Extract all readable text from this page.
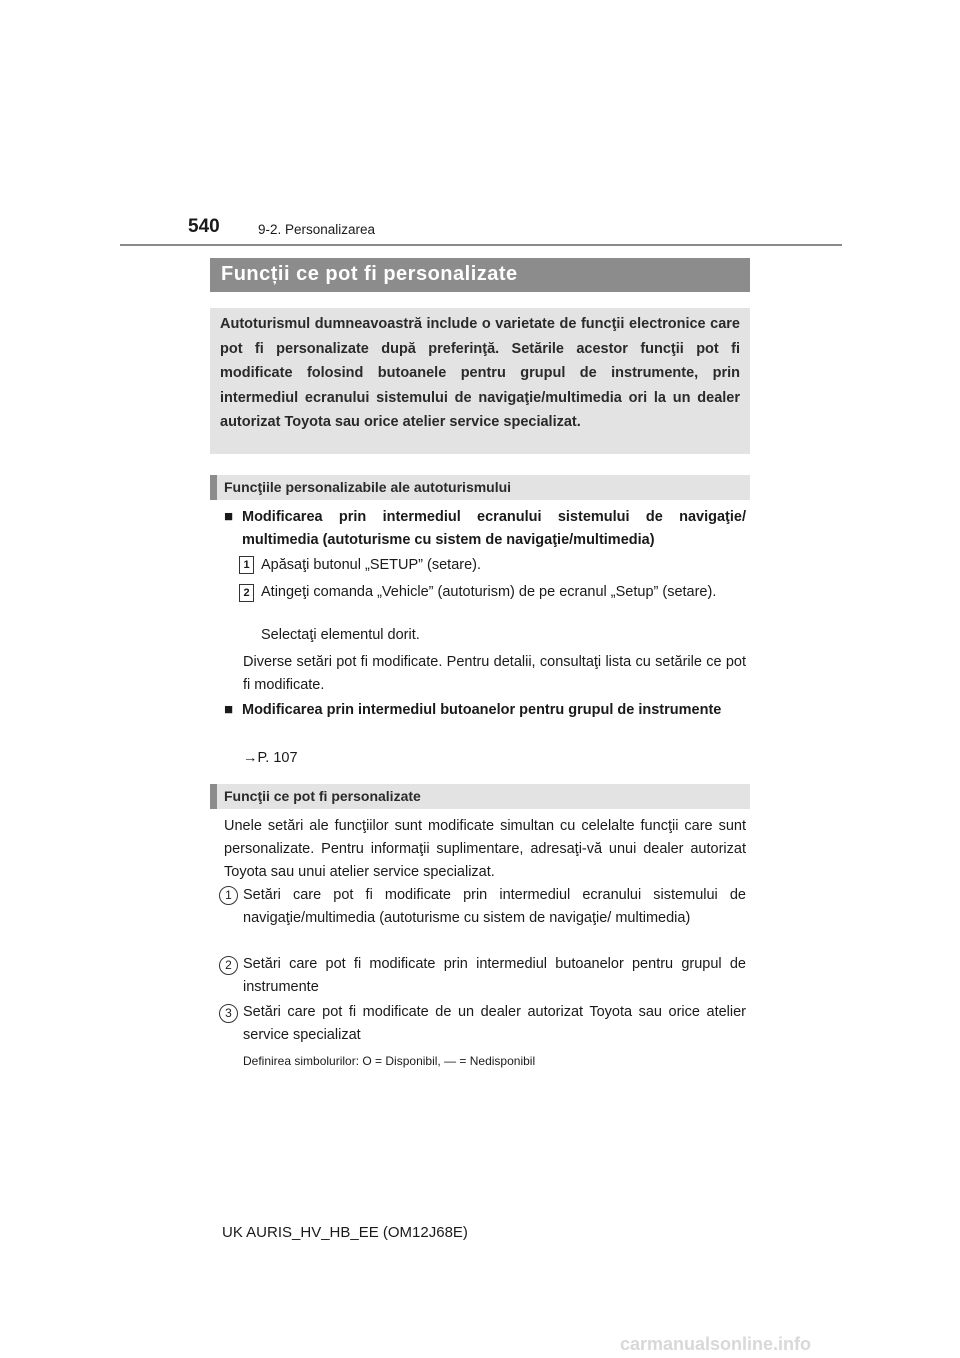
540	9-2. Personalizarea
Funcții ce pot fi personalizate
Autoturismul dumneavoastră include o varietate de funcţii electronice care pot fi personalizate după preferinţă. Setările acestor funcţii pot fi modificate folosind butoanele pentru grupul de instrumente, prin intermediul ecranului sistemului de navigaţie/multimedia ori la un dealer autorizat Toyota sau orice atelier service specializat.
Funcţiile personalizabile ale autoturismului
■ Modificarea prin intermediul ecranului sistemului de navigaţie/ multimedia (autoturisme cu sistem de navigaţie/multimedia)
1 Apăsaţi butonul „SETUP” (setare).
2 Atingeţi comanda „Vehicle” (autoturism) de pe ecranul „Setup” (setare).
Selectaţi elementul dorit.
Diverse setări pot fi modificate. Pentru detalii, consultaţi lista cu setările ce pot fi modificate.
■ Modificarea prin intermediul butoanelor pentru grupul de instrumente
→P. 107
Funcţii ce pot fi personalizate
Unele setări ale funcţiilor sunt modificate simultan cu celelalte funcţii care sunt personalizate. Pentru informaţii suplimentare, adresaţi-vă unui dealer autorizat Toyota sau unui atelier service specializat.
1 Setări care pot fi modificate prin intermediul ecranului sistemului de navigaţie/multimedia (autoturisme cu sistem de navigaţie/ multimedia)
2 Setări care pot fi modificate prin intermediul butoanelor pentru grupul de instrumente
3 Setări care pot fi modificate de un dealer autorizat Toyota sau orice atelier service specializat
Definirea simbolurilor: O = Disponibil, — = Nedisponibil
UK AURIS_HV_HB_EE (OM12J68E)
carmanualsonline.info
